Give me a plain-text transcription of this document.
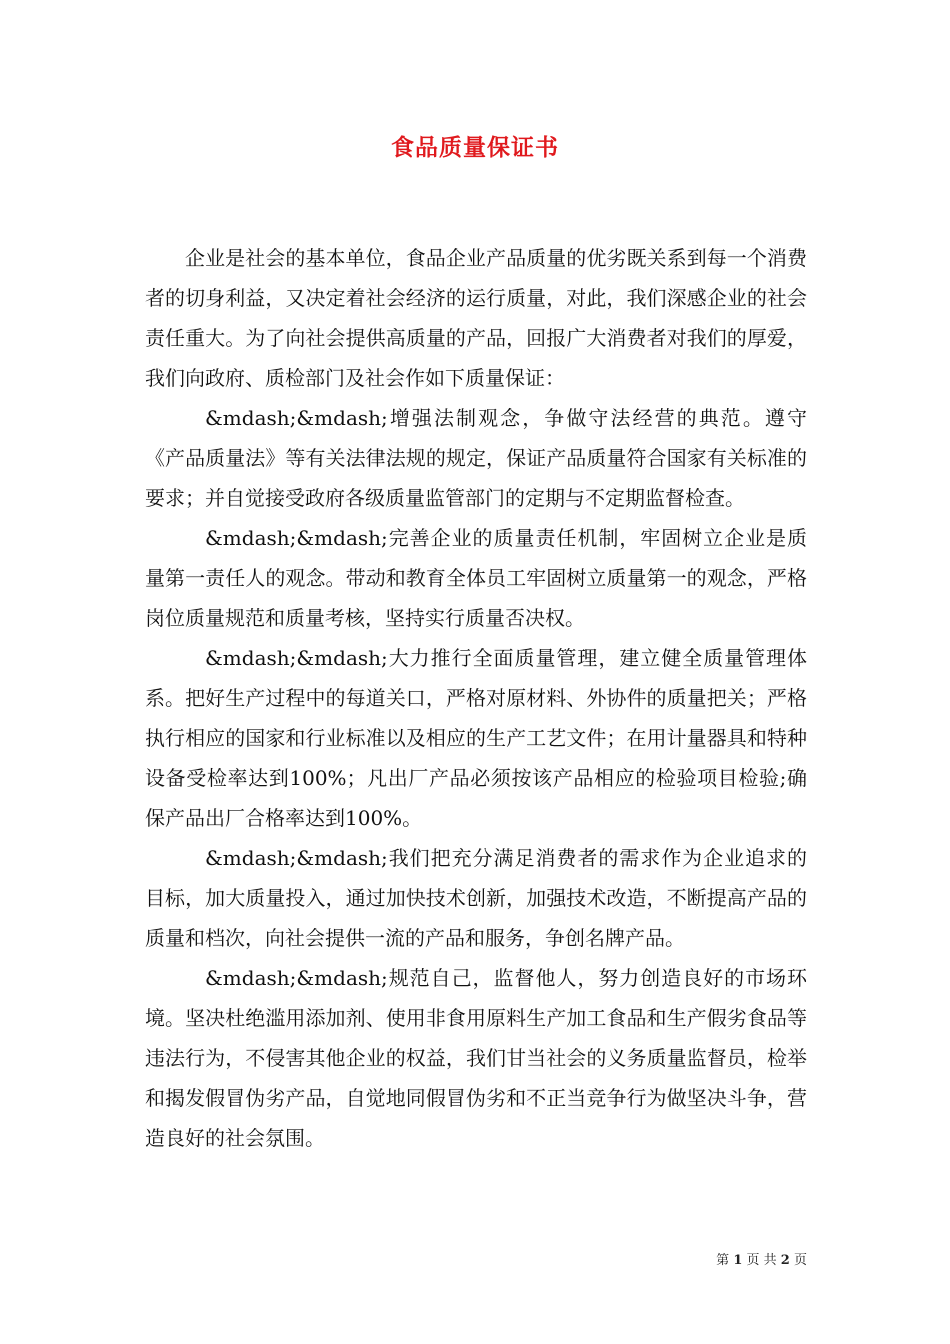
食品质量保证书

企业是社会的基本单位，食品企业产品质量的优劣既关系到每一个消费者的切身利益，又决定着社会经济的运行质量，对此，我们深感企业的社会责任重大。为了向社会提供高质量的产品，回报广大消费者对我们的厚爱，我们向政府、质检部门及社会作如下质量保证：

&mdash;&mdash;增强法制观念，争做守法经营的典范。遵守《产品质量法》等有关法律法规的规定，保证产品质量符合国家有关标准的要求；并自觉接受政府各级质量监管部门的定期与不定期监督检查。

&mdash;&mdash;完善企业的质量责任机制，牢固树立企业是质量第一责任人的观念。带动和教育全体员工牢固树立质量第一的观念，严格岗位质量规范和质量考核，坚持实行质量否决权。

&mdash;&mdash;大力推行全面质量管理，建立健全质量管理体系。把好生产过程中的每道关口，严格对原材料、外协件的质量把关；严格执行相应的国家和行业标准以及相应的生产工艺文件；在用计量器具和特种设备受检率达到100%；凡出厂产品必须按该产品相应的检验项目检验;确保产品出厂合格率达到100%。

&mdash;&mdash;我们把充分满足消费者的需求作为企业追求的目标，加大质量投入，通过加快技术创新，加强技术改造，不断提高产品的质量和档次，向社会提供一流的产品和服务，争创名牌产品。

&mdash;&mdash;规范自己，监督他人，努力创造良好的市场环境。坚决杜绝滥用添加剂、使用非食用原料生产加工食品和生产假劣食品等违法行为，不侵害其他企业的权益，我们甘当社会的义务质量监督员，检举和揭发假冒伪劣产品，自觉地同假冒伪劣和不正当竞争行为做坚决斗争，营造良好的社会氛围。

第 1 页 共 2 页
